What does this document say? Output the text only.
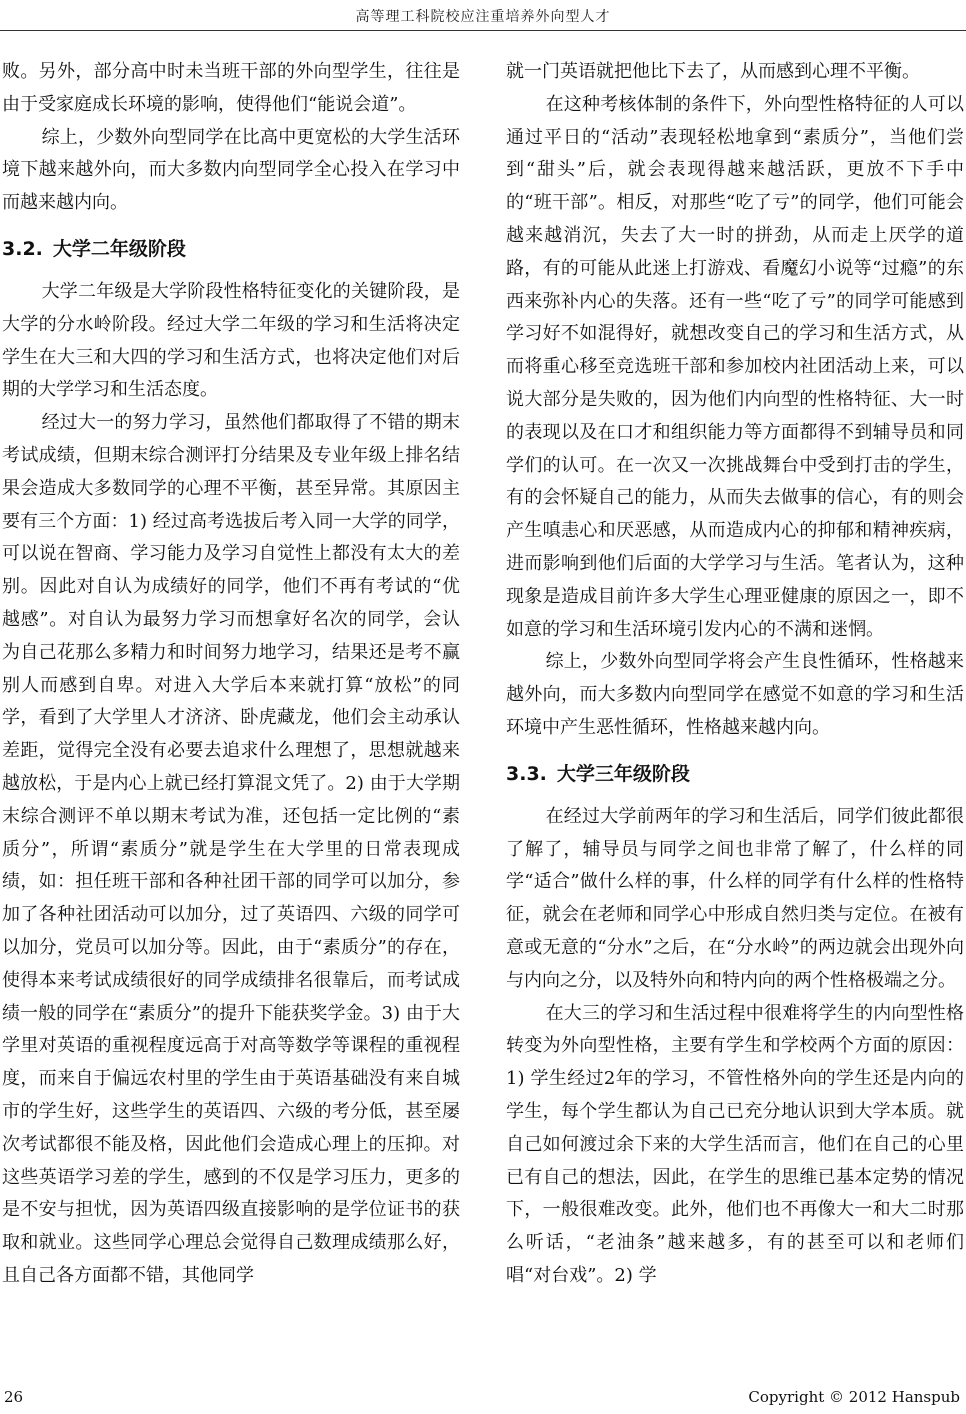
高等理工科院校应注重培养外向型人才

败。另外，部分高中时未当班干部的外向型学生，往往是由于受家庭成长环境的影响，使得他们“能说会道”。

综上，少数外向型同学在比高中更宽松的大学生活环境下越来越外向，而大多数内向型同学全心投入在学习中而越来越内向。

3.2. 大学二年级阶段

大学二年级是大学阶段性格特征变化的关键阶段，是大学的分水岭阶段。经过大学二年级的学习和生活将决定学生在大三和大四的学习和生活方式，也将决定他们对后期的大学学习和生活态度。

经过大一的努力学习，虽然他们都取得了不错的期末考试成绩，但期末综合测评打分结果及专业年级上排名结果会造成大多数同学的心理不平衡，甚至异常。其原因主要有三个方面：1) 经过高考选拔后考入同一大学的同学，可以说在智商、学习能力及学习自觉性上都没有太大的差别。因此对自认为成绩好的同学，他们不再有考试的“优越感”。对自认为最努力学习而想拿好名次的同学，会认为自己花那么多精力和时间努力地学习，结果还是考不赢别人而感到自卑。对进入大学后本来就打算“放松”的同学，看到了大学里人才济济、卧虎藏龙，他们会主动承认差距，觉得完全没有必要去追求什么理想了，思想就越来越放松，于是内心上就已经打算混文凭了。2) 由于大学期末综合测评不单以期末考试为准，还包括一定比例的“素质分”，所谓“素质分”就是学生在大学里的日常表现成绩，如：担任班干部和各种社团干部的同学可以加分，参加了各种社团活动可以加分，过了英语四、六级的同学可以加分，党员可以加分等。因此，由于“素质分”的存在，使得本来考试成绩很好的同学成绩排名很靠后，而考试成绩一般的同学在“素质分”的提升下能获奖学金。3) 由于大学里对英语的重视程度远高于对高等数学等课程的重视程度，而来自于偏远农村里的学生由于英语基础没有来自城市的学生好，这些学生的英语四、六级的考分低，甚至屡次考试都很不能及格，因此他们会造成心理上的压抑。对这些英语学习差的学生，感到的不仅是学习压力，更多的是不安与担忧，因为英语四级直接影响的是学位证书的获取和就业。这些同学心理总会觉得自己数理成绩那么好，且自己各方面都不错，其他同学

就一门英语就把他比下去了，从而感到心理不平衡。

在这种考核体制的条件下，外向型性格特征的人可以通过平日的“活动”表现轻松地拿到“素质分”，当他们尝到“甜头”后，就会表现得越来越活跃，更放不下手中的“班干部”。相反，对那些“吃了亏”的同学，他们可能会越来越消沉，失去了大一时的拼劲，从而走上厌学的道路，有的可能从此迷上打游戏、看魔幻小说等“过瘾”的东西来弥补内心的失落。还有一些“吃了亏”的同学可能感到学习好不如混得好，就想改变自己的学习和生活方式，从而将重心移至竞选班干部和参加校内社团活动上来，可以说大部分是失败的，因为他们内向型的性格特征、大一时的表现以及在口才和组织能力等方面都得不到辅导员和同学们的认可。在一次又一次挑战舞台中受到打击的学生，有的会怀疑自己的能力，从而失去做事的信心，有的则会产生嗔恚心和厌恶感，从而造成内心的抑郁和精神疾病，进而影响到他们后面的大学学习与生活。笔者认为，这种现象是造成目前许多大学生心理亚健康的原因之一，即不如意的学习和生活环境引发内心的不满和迷惘。

综上，少数外向型同学将会产生良性循环，性格越来越外向，而大多数内向型同学在感觉不如意的学习和生活环境中产生恶性循环，性格越来越内向。

3.3. 大学三年级阶段

在经过大学前两年的学习和生活后，同学们彼此都很了解了，辅导员与同学之间也非常了解了，什么样的同学“适合”做什么样的事，什么样的同学有什么样的性格特征，就会在老师和同学心中形成自然归类与定位。在被有意或无意的“分水”之后，在“分水岭”的两边就会出现外向与内向之分，以及特外向和特内向的两个性格极端之分。

在大三的学习和生活过程中很难将学生的内向型性格转变为外向型性格，主要有学生和学校两个方面的原因：1) 学生经过2年的学习，不管性格外向的学生还是内向的学生，每个学生都认为自己已充分地认识到大学本质。就自己如何渡过余下来的大学生活而言，他们在自己的心里已有自己的想法，因此，在学生的思维已基本定势的情况下，一般很难改变。此外，他们也不再像大一和大二时那么听话，“老油条”越来越多，有的甚至可以和老师们唱“对台戏”。2) 学

26	Copyright © 2012 Hanspub
